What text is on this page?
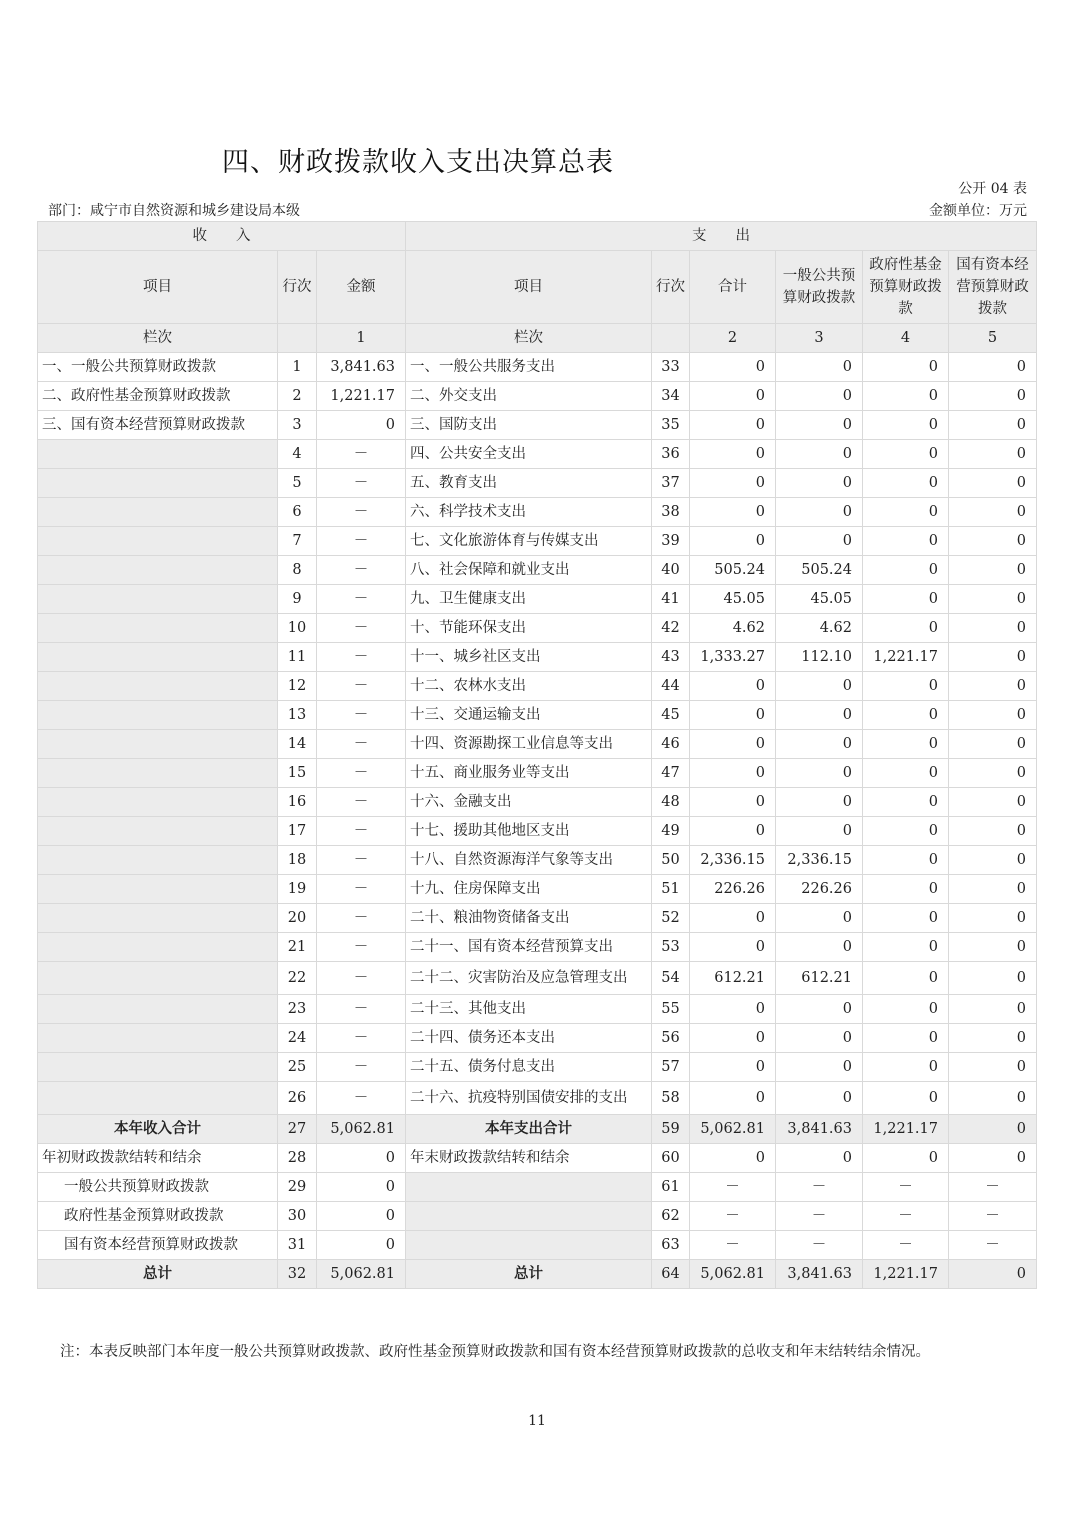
四、财政拨款收入支出决算总表
公开 04 表
部门：咸宁市自然资源和城乡建设局本级	金额单位：万元
收　　入			支　　出					
项目	行次	金额	项目	行次	合计	一般公共预算财政拨款	政府性基金预算财政拨款	国有资本经营预算财政拨款
栏次		1	栏次		2	3	4	5
一、一般公共预算财政拨款	1	3,841.63	一、一般公共服务支出	33	0	0	0	0
二、政府性基金预算财政拨款	2	1,221.17	二、外交支出	34	0	0	0	0
三、国有资本经营预算财政拨款	3	0	三、国防支出	35	0	0	0	0
	4	－	四、公共安全支出	36	0	0	0	0
	5	－	五、教育支出	37	0	0	0	0
	6	－	六、科学技术支出	38	0	0	0	0
	7	－	七、文化旅游体育与传媒支出	39	0	0	0	0
	8	－	八、社会保障和就业支出	40	505.24	505.24	0	0
	9	－	九、卫生健康支出	41	45.05	45.05	0	0
	10	－	十、节能环保支出	42	4.62	4.62	0	0
	11	－	十一、城乡社区支出	43	1,333.27	112.10	1,221.17	0
	12	－	十二、农林水支出	44	0	0	0	0
	13	－	十三、交通运输支出	45	0	0	0	0
	14	－	十四、资源勘探工业信息等支出	46	0	0	0	0
	15	－	十五、商业服务业等支出	47	0	0	0	0
	16	－	十六、金融支出	48	0	0	0	0
	17	－	十七、援助其他地区支出	49	0	0	0	0
	18	－	十八、自然资源海洋气象等支出	50	2,336.15	2,336.15	0	0
	19	－	十九、住房保障支出	51	226.26	226.26	0	0
	20	－	二十、粮油物资储备支出	52	0	0	0	0
	21	－	二十一、国有资本经营预算支出	53	0	0	0	0
	22	－	二十二、灾害防治及应急管理支出	54	612.21	612.21	0	0
	23	－	二十三、其他支出	55	0	0	0	0
	24	－	二十四、债务还本支出	56	0	0	0	0
	25	－	二十五、债务付息支出	57	0	0	0	0
	26	－	二十六、抗疫特别国债安排的支出	58	0	0	0	0
本年收入合计	27	5,062.81	本年支出合计	59	5,062.81	3,841.63	1,221.17	0
年初财政拨款结转和结余	28	0	年末财政拨款结转和结余	60	0	0	0	0
一般公共预算财政拨款	29	0		61	－	－	－	－
政府性基金预算财政拨款	30	0		62	－	－	－	－
国有资本经营预算财政拨款	31	0		63	－	－	－	－
总计	32	5,062.81	总计	64	5,062.81	3,841.63	1,221.17	0
注：本表反映部门本年度一般公共预算财政拨款、政府性基金预算财政拨款和国有资本经营预算财政拨款的总收支和年末结转结余情况。
11
